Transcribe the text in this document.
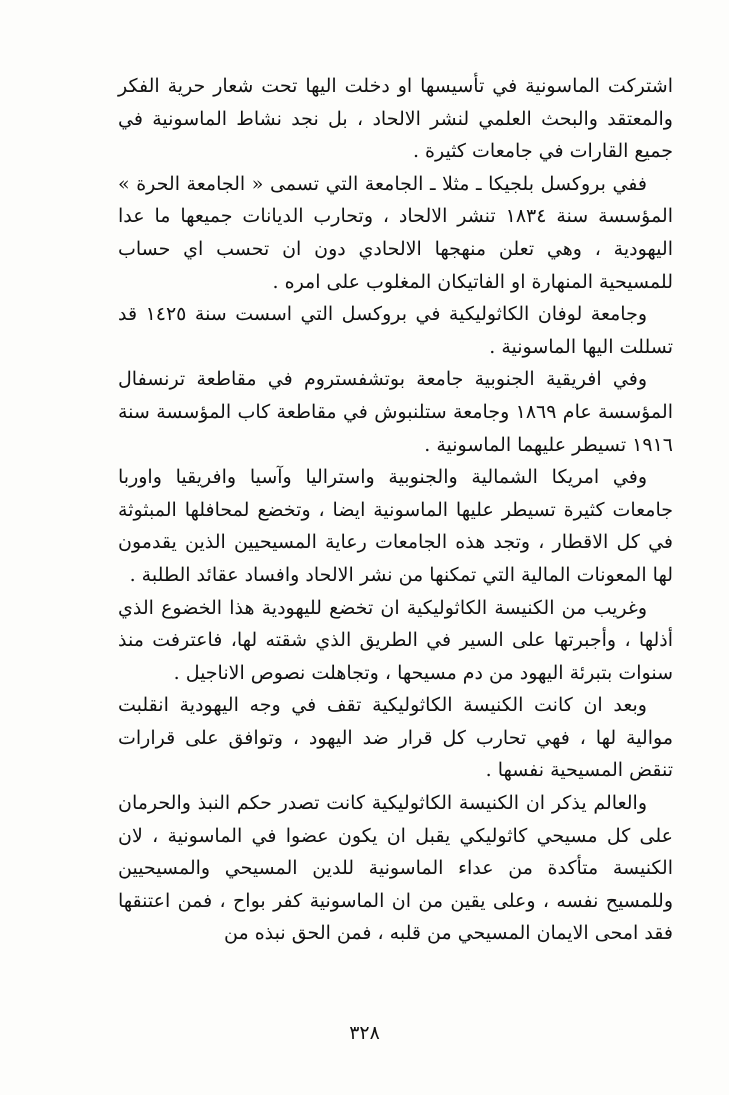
اشتركت الماسونية في تأسيسها او دخلت اليها تحت شعار حرية الفكر والمعتقد والبحث العلمي لنشر الالحاد ، بل نجد نشاط الماسونية في جميع القارات في جامعات كثيرة .

ففي بروكسل بلجيكا ـ مثلا ـ الجامعة التي تسمى « الجامعة الحرة » المؤسسة سنة ١٨٣٤ تنشر الالحاد ، وتحارب الديانات جميعها ما عدا اليهودية ، وهي تعلن منهجها الالحادي دون ان تحسب اي حساب للمسيحية المنهارة او الفاتيكان المغلوب على امره .

وجامعة لوفان الكاثوليكية في بروكسل التي اسست سنة ١٤٢٥ قد تسللت اليها الماسونية .

وفي افريقية الجنوبية جامعة بوتشفستروم في مقاطعة ترنسفال المؤسسة عام ١٨٦٩ وجامعة ستلنبوش في مقاطعة كاب المؤسسة سنة ١٩١٦ تسيطر عليهما الماسونية .

وفي امريكا الشمالية والجنوبية واستراليا وآسيا وافريقيا واوربا جامعات كثيرة تسيطر عليها الماسونية ايضا ، وتخضع لمحافلها المبثوثة في كل الاقطار ، وتجد هذه الجامعات رعاية المسيحيين الذين يقدمون لها المعونات المالية التي تمكنها من نشر الالحاد وافساد عقائد الطلبة .

وغريب من الكنيسة الكاثوليكية ان تخضع لليهودية هذا الخضوع الذي أذلها ، وأجبرتها على السير في الطريق الذي شقته لها، فاعترفت منذ سنوات بتبرئة اليهود من دم مسيحها ، وتجاهلت نصوص الاناجيل .

وبعد ان كانت الكنيسة الكاثوليكية تقف في وجه اليهودية انقلبت موالية لها ، فهي تحارب كل قرار ضد اليهود ، وتوافق على قرارات تنقض المسيحية نفسها .

والعالم يذكر ان الكنيسة الكاثوليكية كانت تصدر حكم النبذ والحرمان على كل مسيحي كاثوليكي يقبل ان يكون عضوا في الماسونية ، لان الكنيسة متأكدة من عداء الماسونية للدين المسيحي والمسيحيين وللمسيح نفسه ، وعلى يقين من ان الماسونية كفر بواح ، فمن اعتنقها فقد امحى الايمان المسيحي من قلبه ، فمن الحق نبذه من

٣٢٨
